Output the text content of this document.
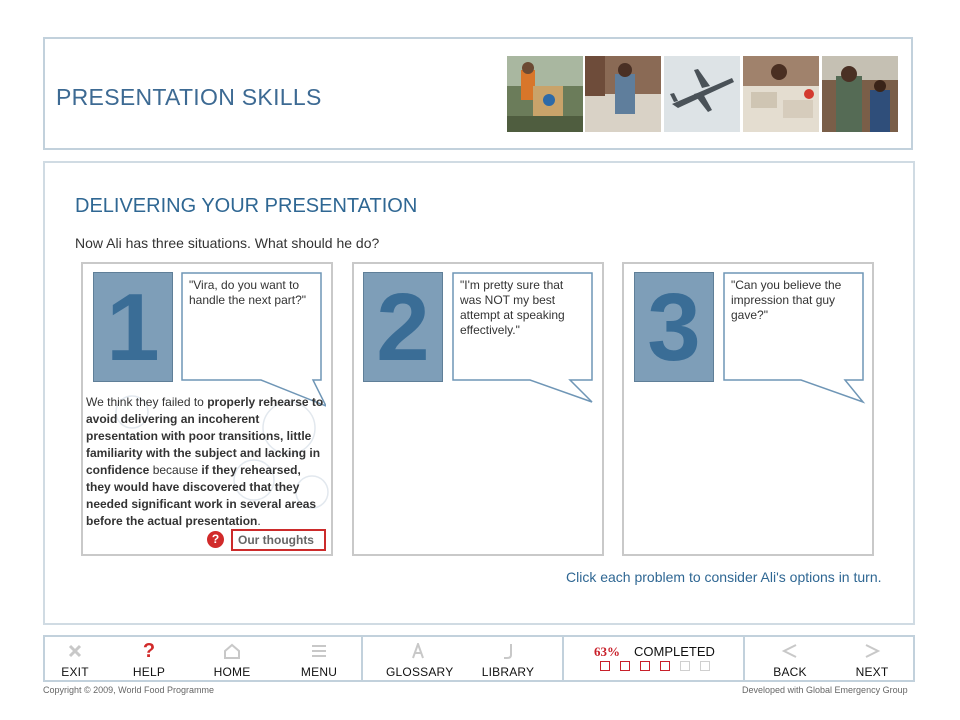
PRESENTATION SKILLS
DELIVERING YOUR PRESENTATION
Now Ali has three situations. What should he do?
1	"Vira, do you want to handle the next part?"
We think they failed to properly rehearse to avoid delivering an incoherent presentation with poor transitions, little familiarity with the subject and lacking in confidence because if they rehearsed, they would have discovered that they needed significant work in several areas before the actual presentation.
?	Our thoughts
2	"I'm pretty sure that was NOT my best attempt at speaking effectively."	3	"Can you believe the impression that guy gave?"
Click each problem to consider Ali's options in turn.
EXIT
?
HELP	HOME	MENU	GLOSSARY	LIBRARY
63% COMPLETED
BACK	NEXT
Copyright © 2009, World Food Programme	Developed with Global Emergency Group
